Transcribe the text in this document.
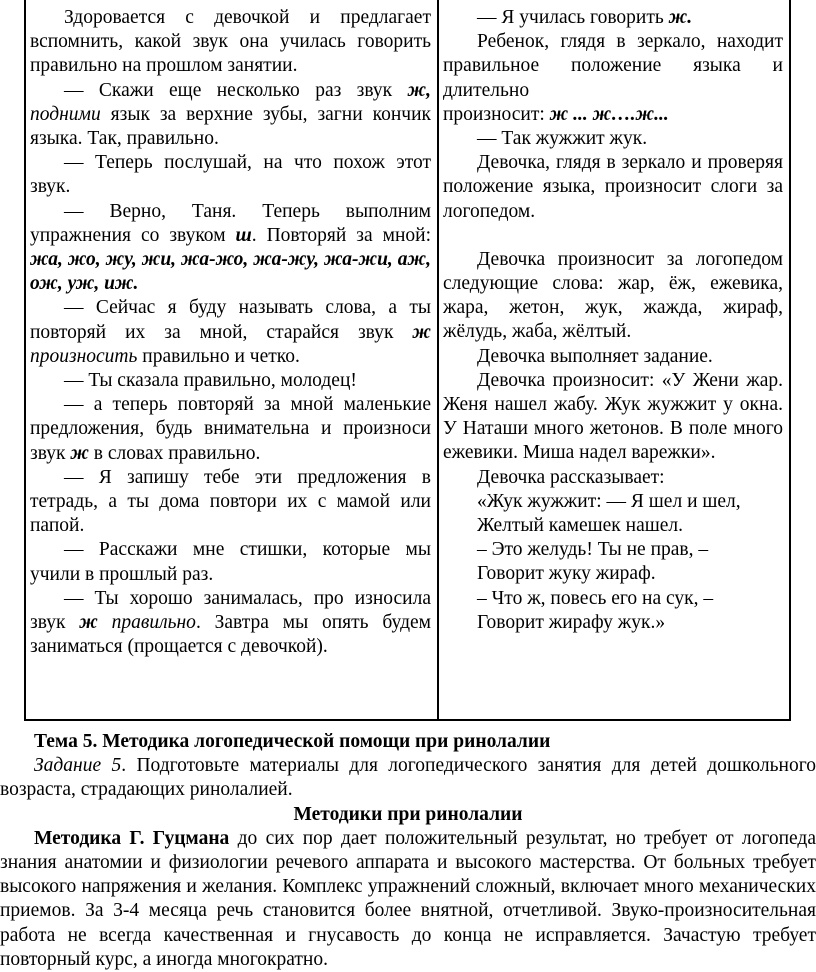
Здоровается с девочкой и предлагает вспомнить, какой звук она училась говорить правильно на прошлом занятии.

— Скажи еще несколько раз звук ж, подними язык за верхние зубы, загни кончик языка. Так, правильно.

— Теперь послушай, на что похож этот звук.

— Верно, Таня. Теперь выполним упражнения со звуком ш. Повторяй за мной: жа, жо, жу, жи, жа-жо, жа-жу, жа-жи, аж, ож, уж, иж.

— Сейчас я буду называть слова, а ты повторяй их за мной, старайся звук ж произносить правильно и четко.

— Ты сказала правильно, молодец!

— а теперь повторяй за мной маленькие предложения, будь внимательна и произноси звук ж в словах правильно.

— Я запишу тебе эти предложения в тетрадь, а ты дома повтори их с мамой или папой.

— Расскажи мне стишки, которые мы учили в прошлый раз.

— Ты хорошо занималась, про износила звук ж правильно. Завтра мы опять будем заниматься (прощается с девочкой).

— Я училась говорить ж.

Ребенок, глядя в зеркало, находит правильное положение языка и длительно

произносит: ж ... ж….ж...

— Так жужжит жук.

Девочка, глядя в зеркало и проверяя положение языка, произносит слоги за логопедом.

Девочка произносит за логопедом следующие слова: жар, ёж, ежевика, жара, жетон, жук, жажда, жираф, жёлудь, жаба, жёлтый.

Девочка выполняет задание.

Девочка произносит: «У Жени жар. Женя нашел жабу. Жук жужжит у окна. У Наташи много жетонов. В поле много ежевики. Миша надел варежки».

Девочка рассказывает:

«Жук жужжит: — Я шел и шел,

Желтый камешек нашел.

– Это желудь! Ты не прав, –

Говорит жуку жираф.

– Что ж, повесь его на сук, –

Говорит жирафу жук.»

Тема 5. Методика логопедической помощи при ринолалии

Задание 5. Подготовьте материалы для логопедического занятия для детей дошкольного возраста, страдающих ринолалией.

Методики при ринолалии

Методика Г. Гуцмана до сих пор дает положительный результат, но требует от логопеда знания анатомии и физиологии речевого аппарата и высокого мастерства. От больных требует высокого напряжения и желания. Комплекс упражнений сложный, включает много механических приемов. За 3-4 месяца речь становится более внятной, отчетливой. Звуко-произносительная работа не всегда качественная и гнусавость до конца не исправляется. Зачастую требует повторный курс, а иногда многократно.
